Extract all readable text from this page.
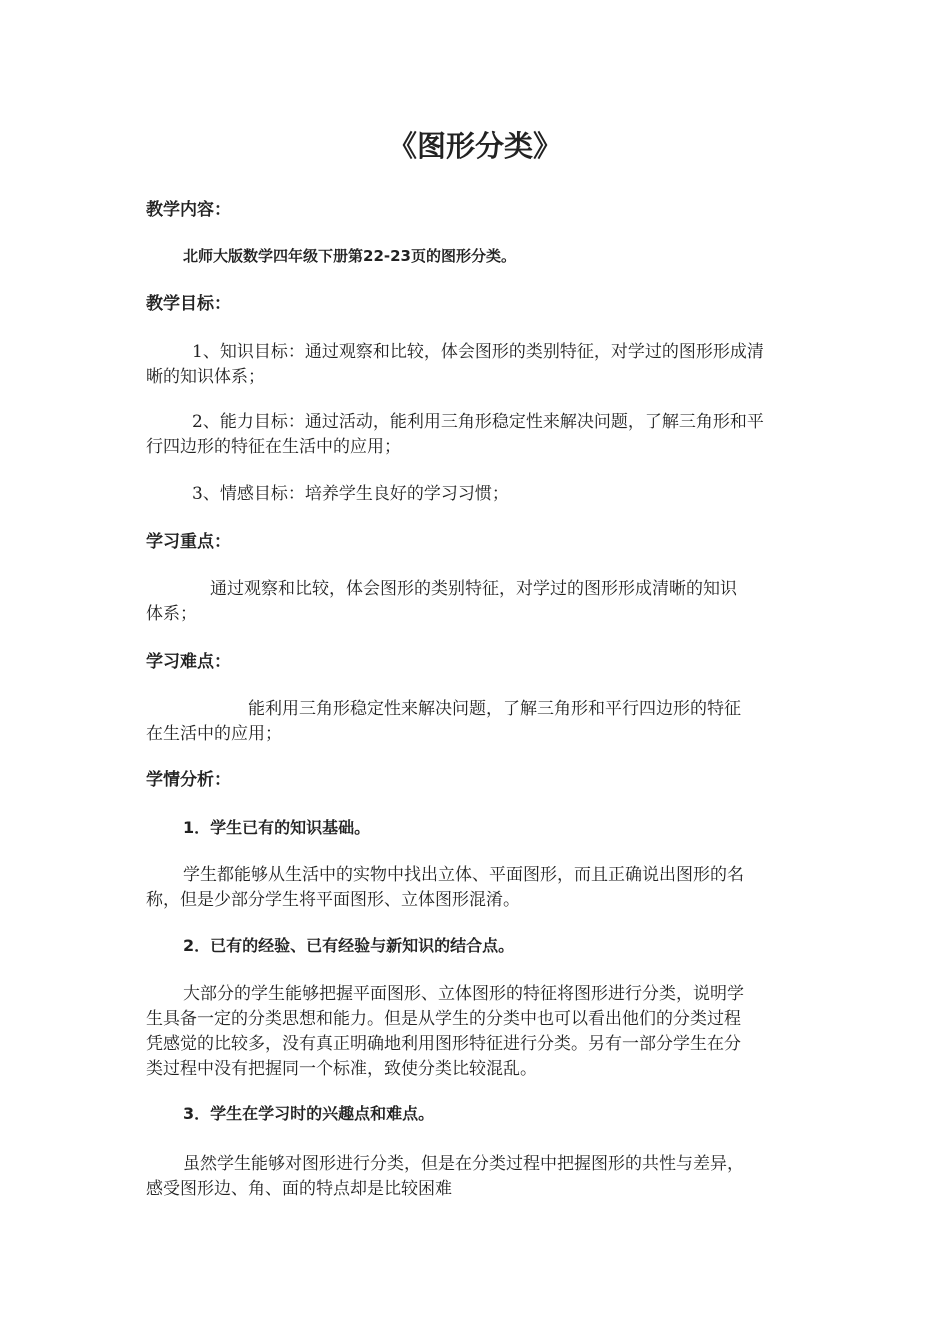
《图形分类》
教学内容：
北师大版数学四年级下册第22-23页的图形分类。
教学目标：
1、知识目标：通过观察和比较，体会图形的类别特征，对学过的图形形成清
晰的知识体系；
2、能力目标：通过活动，能利用三角形稳定性来解决问题，了解三角形和平
行四边形的特征在生活中的应用；
3、情感目标：培养学生良好的学习习惯；
学习重点：
通过观察和比较，体会图形的类别特征，对学过的图形形成清晰的知识
体系；
学习难点：
能利用三角形稳定性来解决问题，了解三角形和平行四边形的特征
在生活中的应用；
学情分析：
1．学生已有的知识基础。
学生都能够从生活中的实物中找出立体、平面图形，而且正确说出图形的名
称，但是少部分学生将平面图形、立体图形混淆。
2．已有的经验、已有经验与新知识的结合点。
大部分的学生能够把握平面图形、立体图形的特征将图形进行分类，说明学
生具备一定的分类思想和能力。但是从学生的分类中也可以看出他们的分类过程
凭感觉的比较多，没有真正明确地利用图形特征进行分类。另有一部分学生在分
类过程中没有把握同一个标准，致使分类比较混乱。
3．学生在学习时的兴趣点和难点。
虽然学生能够对图形进行分类，但是在分类过程中把握图形的共性与差异，
感受图形边、角、面的特点却是比较困难
